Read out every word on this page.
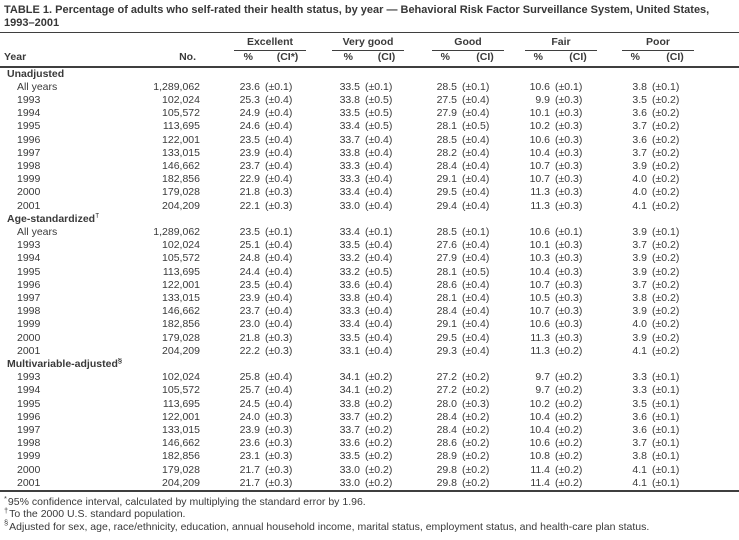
TABLE 1. Percentage of adults who self-rated their health status, by year — Behavioral Risk Factor Surveillance System, United States, 1993–2001

		Excellent		Very good		Good		Fair		Poor		

Year	No.	%	(CI*)	%	(CI)	%	(CI)	%	(CI)	%	(CI)	
Unadjusted												
All years	1,289,062	23.6	(±0.1)	33.5	(±0.1)	28.5	(±0.1)	10.6	(±0.1)	3.8	(±0.1)	
1993	102,024	25.3	(±0.4)	33.8	(±0.5)	27.5	(±0.4)	9.9	(±0.3)	3.5	(±0.2)	
1994	105,572	24.9	(±0.4)	33.5	(±0.5)	27.9	(±0.4)	10.1	(±0.3)	3.6	(±0.2)	
1995	113,695	24.6	(±0.4)	33.4	(±0.5)	28.1	(±0.5)	10.2	(±0.3)	3.7	(±0.2)	
1996	122,001	23.5	(±0.4)	33.7	(±0.4)	28.5	(±0.4)	10.6	(±0.3)	3.6	(±0.2)	
1997	133,015	23.9	(±0.4)	33.8	(±0.4)	28.2	(±0.4)	10.4	(±0.3)	3.7	(±0.2)	
1998	146,662	23.7	(±0.4)	33.3	(±0.4)	28.4	(±0.4)	10.7	(±0.3)	3.9	(±0.2)	
1999	182,856	22.9	(±0.4)	33.3	(±0.4)	29.1	(±0.4)	10.7	(±0.3)	4.0	(±0.2)	
2000	179,028	21.8	(±0.3)	33.4	(±0.4)	29.5	(±0.4)	11.3	(±0.3)	4.0	(±0.2)	
2001	204,209	22.1	(±0.3)	33.0	(±0.4)	29.4	(±0.4)	11.3	(±0.3)	4.1	(±0.2)	
Age-standardized†
All years	1,289,062	23.5	(±0.1)	33.4	(±0.1)	28.5	(±0.1)	10.6	(±0.1)	3.9	(±0.1)	
1993	102,024	25.1	(±0.4)	33.5	(±0.4)	27.6	(±0.4)	10.1	(±0.3)	3.7	(±0.2)	
1994	105,572	24.8	(±0.4)	33.2	(±0.4)	27.9	(±0.4)	10.3	(±0.3)	3.9	(±0.2)	
1995	113,695	24.4	(±0.4)	33.2	(±0.5)	28.1	(±0.5)	10.4	(±0.3)	3.9	(±0.2)	
1996	122,001	23.5	(±0.4)	33.6	(±0.4)	28.6	(±0.4)	10.7	(±0.3)	3.7	(±0.2)	
1997	133,015	23.9	(±0.4)	33.8	(±0.4)	28.1	(±0.4)	10.5	(±0.3)	3.8	(±0.2)	
1998	146,662	23.7	(±0.4)	33.3	(±0.4)	28.4	(±0.4)	10.7	(±0.3)	3.9	(±0.2)	
1999	182,856	23.0	(±0.4)	33.4	(±0.4)	29.1	(±0.4)	10.6	(±0.3)	4.0	(±0.2)	
2000	179,028	21.8	(±0.3)	33.5	(±0.4)	29.5	(±0.4)	11.3	(±0.3)	3.9	(±0.2)	
2001	204,209	22.2	(±0.3)	33.1	(±0.4)	29.3	(±0.4)	11.3	(±0.2)	4.1	(±0.2)	
Multivariable-adjusted§
1993	102,024	25.8	(±0.4)	34.1	(±0.2)	27.2	(±0.2)	9.7	(±0.2)	3.3	(±0.1)	
1994	105,572	25.7	(±0.4)	34.1	(±0.2)	27.2	(±0.2)	9.7	(±0.2)	3.3	(±0.1)	
1995	113,695	24.5	(±0.4)	33.8	(±0.2)	28.0	(±0.3)	10.2	(±0.2)	3.5	(±0.1)	
1996	122,001	24.0	(±0.3)	33.7	(±0.2)	28.4	(±0.2)	10.4	(±0.2)	3.6	(±0.1)	
1997	133,015	23.9	(±0.3)	33.7	(±0.2)	28.4	(±0.2)	10.4	(±0.2)	3.6	(±0.1)	
1998	146,662	23.6	(±0.3)	33.6	(±0.2)	28.6	(±0.2)	10.6	(±0.2)	3.7	(±0.1)	
1999	182,856	23.1	(±0.3)	33.5	(±0.2)	28.9	(±0.2)	10.8	(±0.2)	3.8	(±0.1)	
2000	179,028	21.7	(±0.3)	33.0	(±0.2)	29.8	(±0.2)	11.4	(±0.2)	4.1	(±0.1)	
2001	204,209	21.7	(±0.3)	33.0	(±0.2)	29.8	(±0.2)	11.4	(±0.2)	4.1	(±0.1)	
*95% confidence interval, calculated by multiplying the standard error by 1.96.
†To the 2000 U.S. standard population.
§Adjusted for sex, age, race/ethnicity, education, annual household income, marital status, employment status, and health-care plan status.
